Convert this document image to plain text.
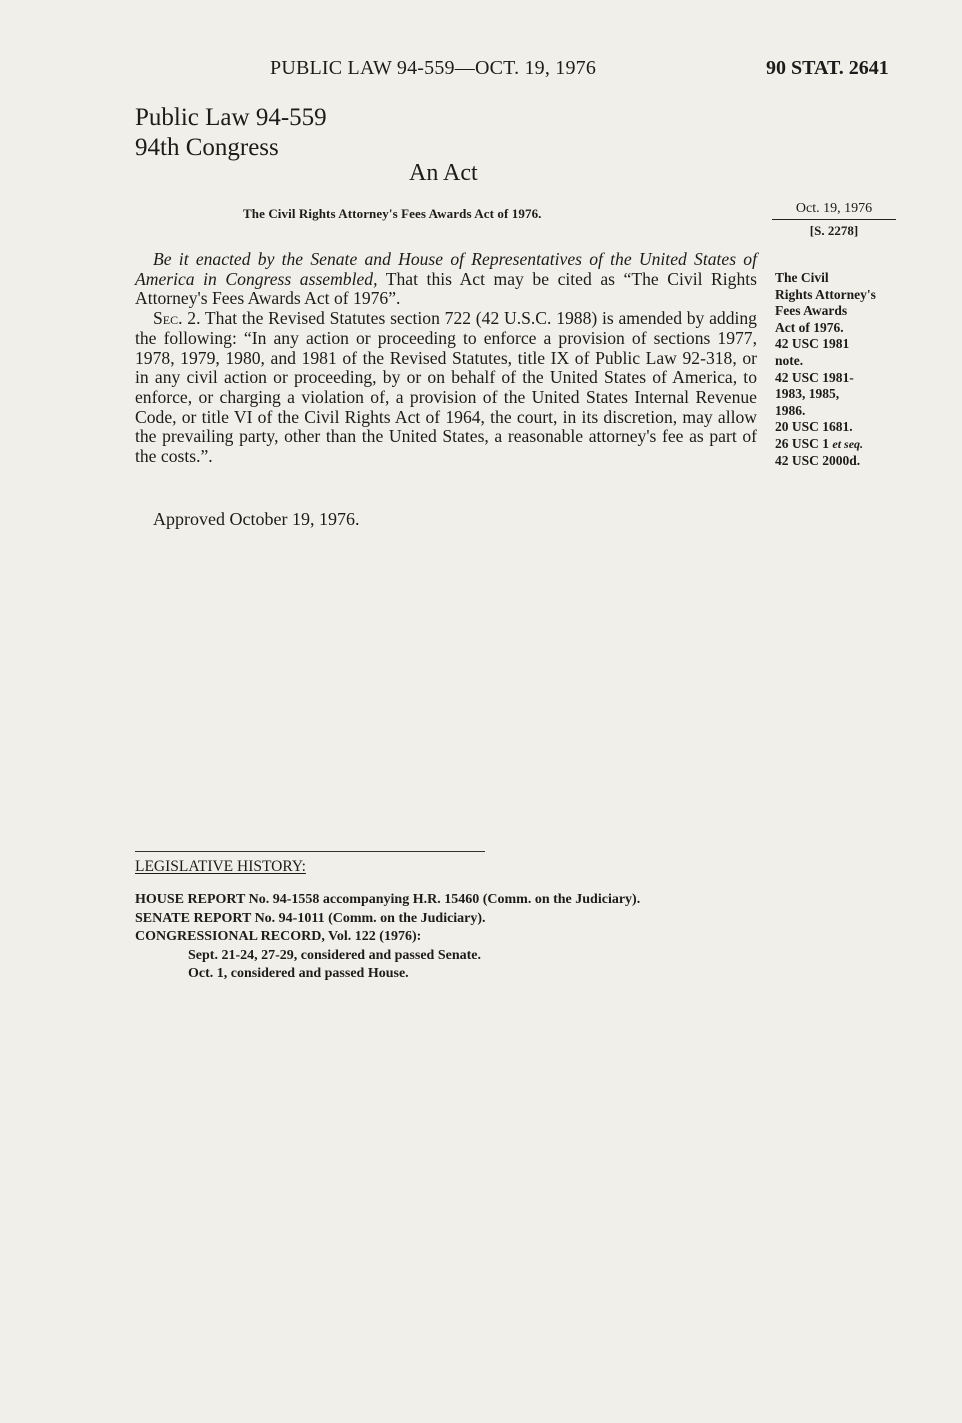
PUBLIC LAW 94-559—OCT. 19, 1976	90 STAT. 2641
Public Law 94-559
94th Congress
An Act
The Civil Rights Attorney's Fees Awards Act of 1976.	Oct. 19, 1976
[S. 2278]

Be it enacted by the Senate and House of Representatives of the United States of America in Congress assembled, That this Act may be cited as “The Civil Rights Attorney's Fees Awards Act of 1976”.

Sec. 2. That the Revised Statutes section 722 (42 U.S.C. 1988) is amended by adding the following: “In any action or proceeding to enforce a provision of sections 1977, 1978, 1979, 1980, and 1981 of the Revised Statutes, title IX of Public Law 92-318, or in any civil action or proceeding, by or on behalf of the United States of America, to enforce, or charging a violation of, a provision of the United States Internal Revenue Code, or title VI of the Civil Rights Act of 1964, the court, in its discretion, may allow the prevailing party, other than the United States, a reasonable attorney's fee as part of the costs.”.

The Civil
Rights Attorney's
Fees Awards
Act of 1976.
42 USC 1981
note.
42 USC 1981-
1983, 1985,
1986.
20 USC 1681.
26 USC 1 et seq.
42 USC 2000d.
Approved October 19, 1976.
LEGISLATIVE HISTORY:
HOUSE REPORT No. 94-1558 accompanying H.R. 15460 (Comm. on the Judiciary).
SENATE REPORT No. 94-1011 (Comm. on the Judiciary).
CONGRESSIONAL RECORD, Vol. 122 (1976):
Sept. 21-24, 27-29, considered and passed Senate.
Oct. 1, considered and passed House.
